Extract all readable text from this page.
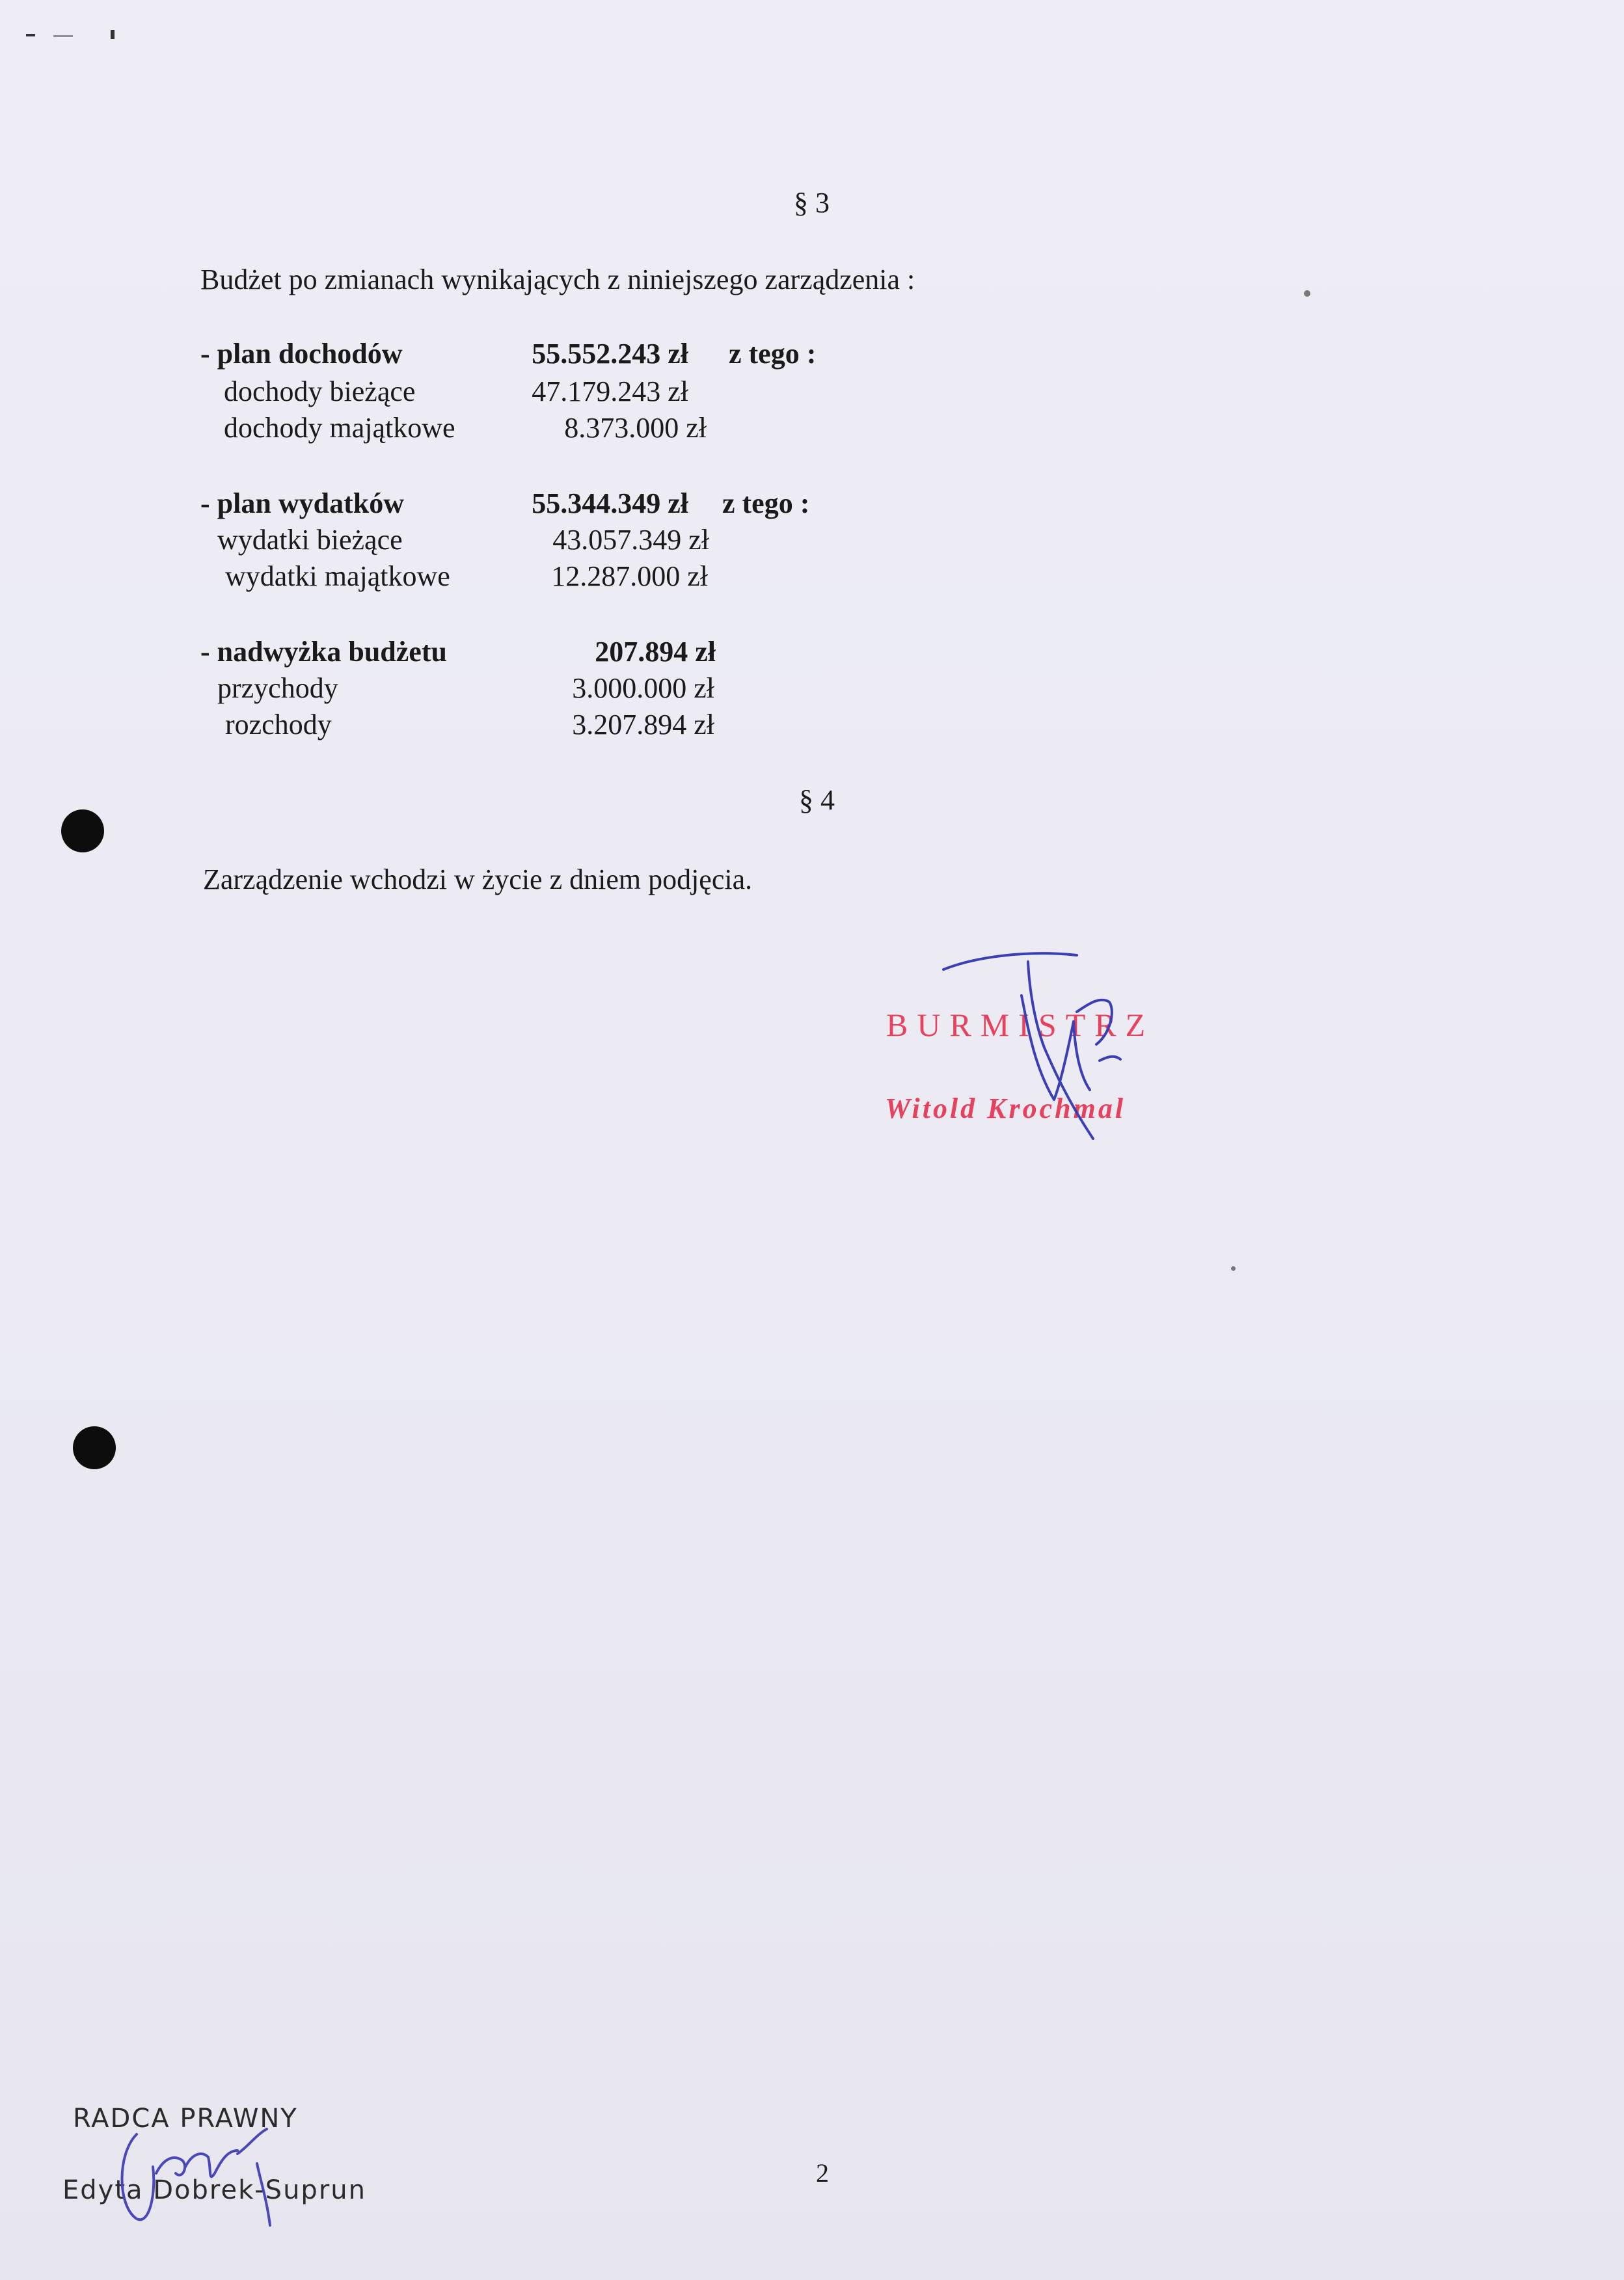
§ 3
Budżet po zmianach wynikających z niniejszego zarządzenia :
- plan dochodów	55.552.243 zł z tego :
dochody bieżące	47.179.243 zł
dochody majątkowe	8.373.000 zł
- plan wydatków	55.344.349 zł z tego :
wydatki bieżące	43.057.349 zł
wydatki majątkowe	12.287.000 zł
- nadwyżka budżetu	207.894 zł
przychody	3.000.000 zł
rozchody	3.207.894 zł
§ 4
Zarządzenie wchodzi w życie z dniem podjęcia.
BURMISTRZ
Witold Krochmal
RADCA PRAWNY
Edyta Dobrek-Suprun
2
